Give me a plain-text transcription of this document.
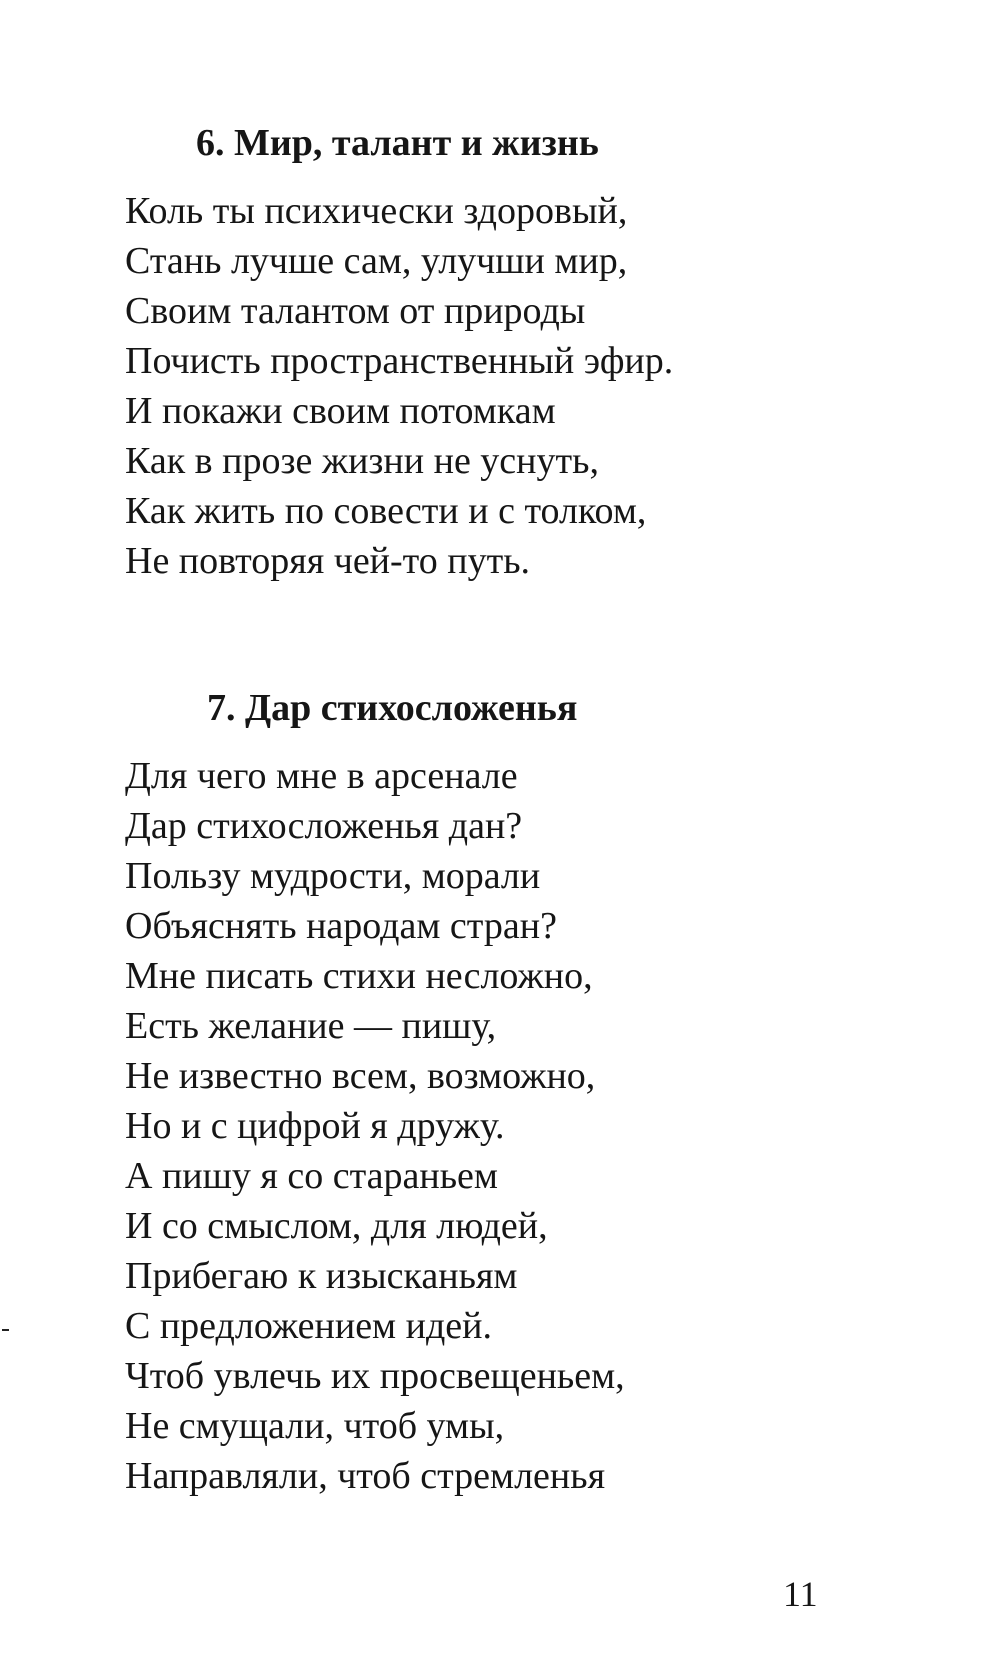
6. Мир, талант и жизнь
Коль ты психически здоровый,
Стань лучше сам, улучши мир,
Своим талантом от природы
Почисть пространственный эфир.
И покажи своим потомкам
Как в прозе жизни не уснуть,
Как жить по совести и с толком,
Не повторяя чей-то путь.
7. Дар стихосложенья
Для чего мне в арсенале
Дар стихосложенья дан?
Пользу мудрости, морали
Объяснять народам стран?
Мне писать стихи несложно,
Есть желание — пишу,
Не известно всем, возможно,
Но и с цифрой я дружу.
А пишу я со стараньем
И со смыслом, для людей,
Прибегаю к изысканьям
С предложением идей.
Чтоб увлечь их просвещеньем,
Не смущали, чтоб умы,
Направляли, чтоб стремленья
11
